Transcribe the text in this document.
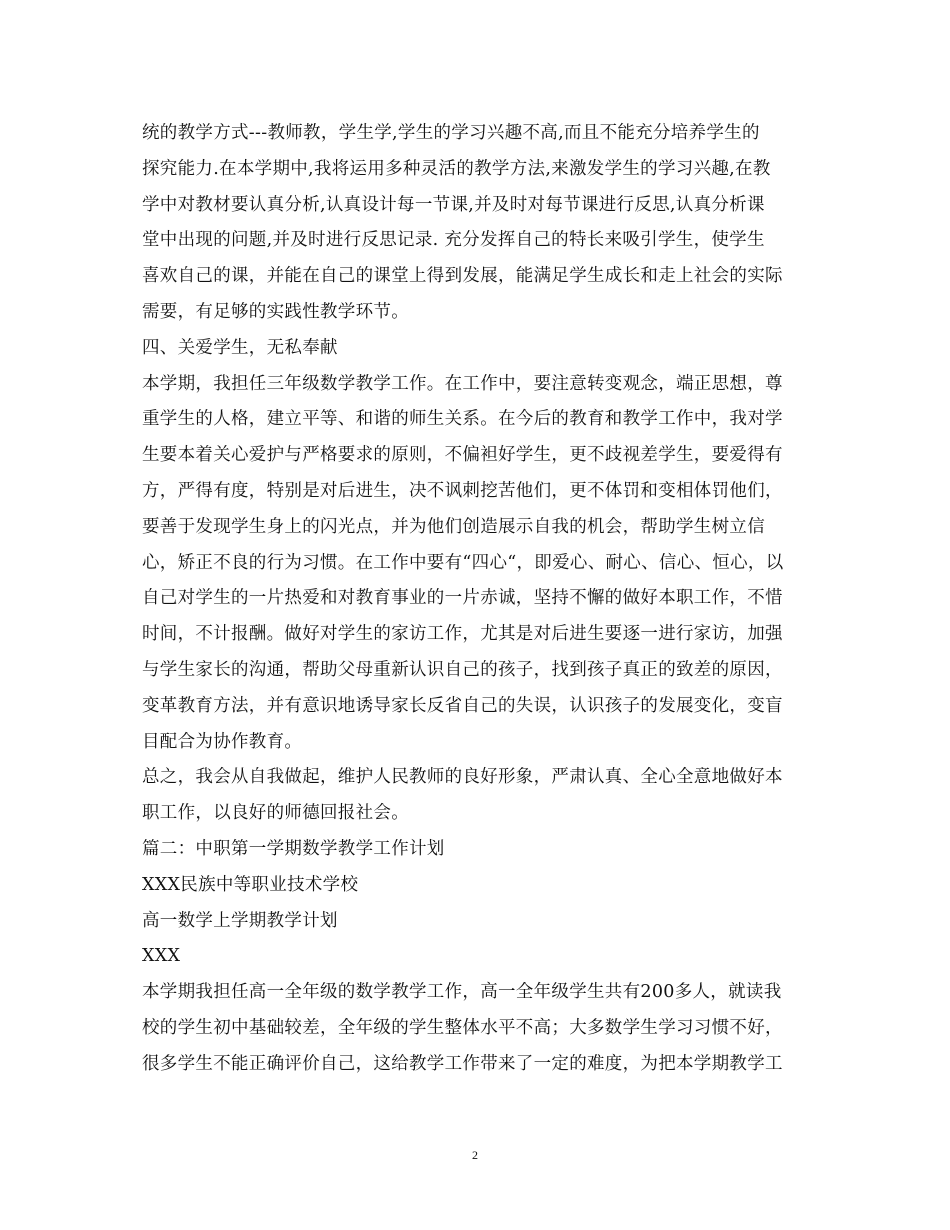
统的教学方式---教师教，学生学,学生的学习兴趣不高,而且不能充分培养学生的
探究能力.在本学期中,我将运用多种灵活的教学方法,来激发学生的学习兴趣,在教
学中对教材要认真分析,认真设计每一节课,并及时对每节课进行反思,认真分析课
堂中出现的问题,并及时进行反思记录. 充分发挥自己的特长来吸引学生，使学生
喜欢自己的课，并能在自己的课堂上得到发展，能满足学生成长和走上社会的实际
需要，有足够的实践性教学环节。
四、关爱学生，无私奉献
本学期，我担任三年级数学教学工作。在工作中，要注意转变观念，端正思想，尊
重学生的人格，建立平等、和谐的师生关系。在今后的教育和教学工作中，我对学
生要本着关心爱护与严格要求的原则，不偏袒好学生，更不歧视差学生，要爱得有
方，严得有度，特别是对后进生，决不讽刺挖苦他们，更不体罚和变相体罚他们，
要善于发现学生身上的闪光点，并为他们创造展示自我的机会，帮助学生树立信
心，矫正不良的行为习惯。在工作中要有“四心“，即爱心、耐心、信心、恒心，以
自己对学生的一片热爱和对教育事业的一片赤诚，坚持不懈的做好本职工作，不惜
时间，不计报酬。做好对学生的家访工作，尤其是对后进生要逐一进行家访，加强
与学生家长的沟通，帮助父母重新认识自己的孩子，找到孩子真正的致差的原因，
变革教育方法，并有意识地诱导家长反省自己的失误，认识孩子的发展变化，变盲
目配合为协作教育。
总之，我会从自我做起，维护人民教师的良好形象，严肃认真、全心全意地做好本
职工作，以良好的师德回报社会。
篇二：中职第一学期数学教学工作计划
XXX民族中等职业技术学校
高一数学上学期教学计划
XXX
本学期我担任高一全年级的数学教学工作，高一全年级学生共有200多人，就读我
校的学生初中基础较差，全年级的学生整体水平不高；大多数学生学习习惯不好，
很多学生不能正确评价自己，这给教学工作带来了一定的难度，为把本学期教学工
2
